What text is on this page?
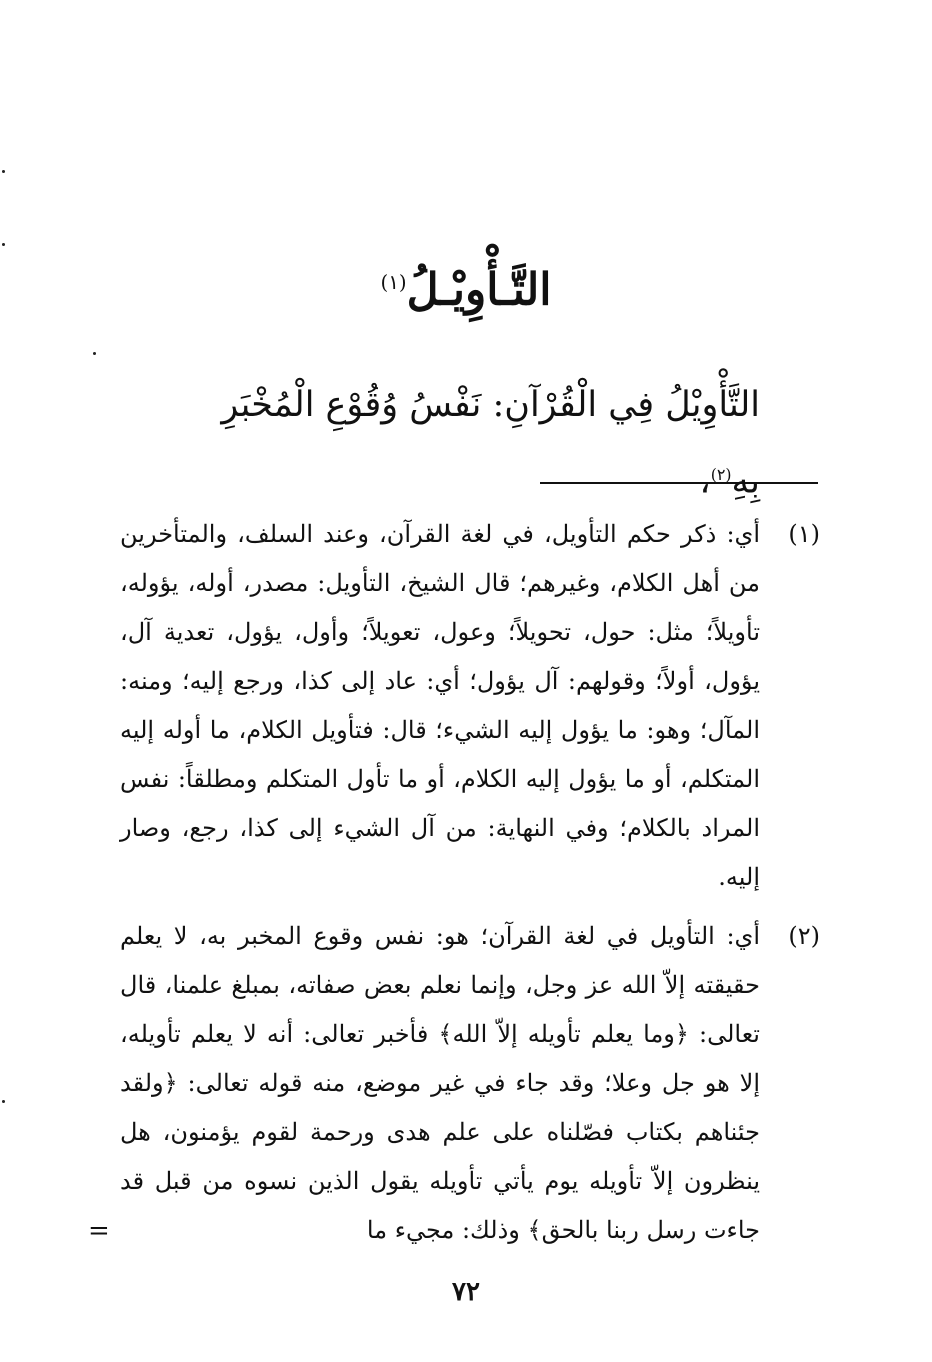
التَّـأْوِيْـلُ$^{(١)}$
التَّأْوِيْلُ فِي الْقُرْآنِ: نَفْسُ وُقُوْعِ الْمُخْبَرِ بِهِ$^{(٢)}$،
(١)
أي: ذكر حكم التأويل، في لغة القرآن، وعند السلف، والمتأخرين من أهل الكلام، وغيرهم؛ قال الشيخ، التأويل: مصدر، أوله، يؤوله، تأويلاً؛ مثل: حول، تحويلاً؛ وعول، تعويلاً؛ وأول، يؤول، تعدية آل، يؤول، أولاً؛ وقولهم: آل يؤول؛ أي: عاد إلى كذا، ورجع إليه؛ ومنه: المآل؛ وهو: ما يؤول إليه الشيء؛ قال: فتأويل الكلام، ما أوله إليه المتكلم، أو ما يؤول إليه الكلام، أو ما تأول المتكلم ومطلقاً: نفس المراد بالكلام؛ وفي النهاية: من آل الشيء إلى كذا، رجع، وصار إليه.
(٢)
أي: التأويل في لغة القرآن؛ هو: نفس وقوع المخبر به، لا يعلم حقيقته إلاّ الله عز وجل، وإنما نعلم بعض صفاته، بمبلغ علمنا، قال تعالى: ﴿وما يعلم تأويله إلاّ الله﴾ فأخبر تعالى: أنه لا يعلم تأويله، إلا هو جل وعلا؛ وقد جاء في غير موضع، منه قوله تعالى: ﴿ولقد جئناهم بكتاب فصّلناه على علم هدى ورحمة لقوم يؤمنون، هل ينظرون إلاّ تأويله يوم يأتي تأويله يقول الذين نسوه من قبل قد جاءت رسل ربنا بالحق﴾ وذلك: مجيء ما
=
٧٢
